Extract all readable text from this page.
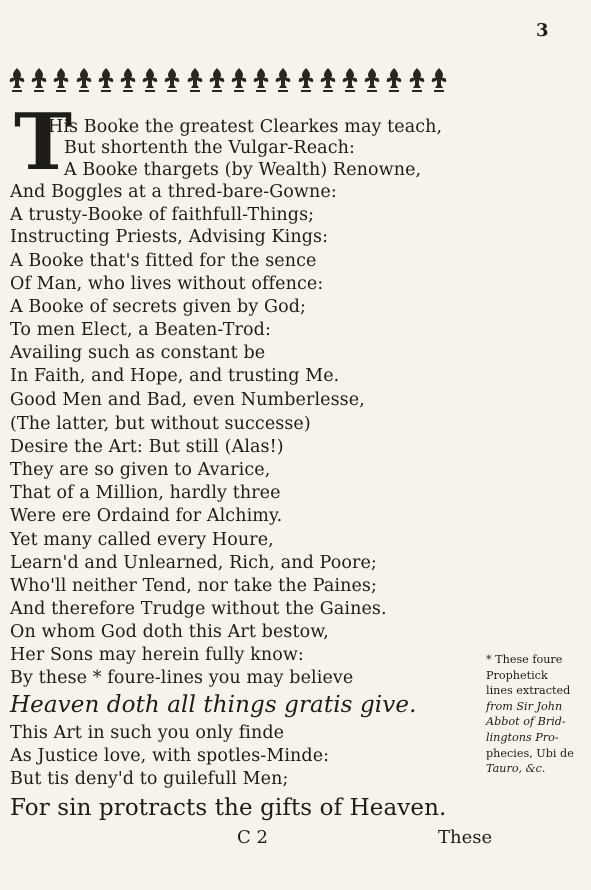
3
T
His Booke the greatest Clearkes may teach,
But shortenth the Vulgar-Reach:
A Booke thargets (by Wealth) Renowne,
And Boggles at a thred-bare-Gowne:
A trusty-Booke of faithfull-Things;
Instructing Priests, Advising Kings:
A Booke that's fitted for the sence
Of Man, who lives without offence:
A Booke of secrets given by God;
To men Elect, a Beaten-Trod:
Availing such as constant be
In Faith, and Hope, and trusting Me.
Good Men and Bad, even Numberlesse,
(The latter, but without successe)
Desire the Art: But still (Alas!)
They are so given to Avarice,
That of a Million, hardly three
Were ere Ordaind for Alchimy.
Yet many called every Houre,
Learn'd and Unlearned, Rich, and Poore;
Who'll neither Tend, nor take the Paines;
And therefore Trudge without the Gaines.
On whom God doth this Art bestow,
Her Sons may herein fully know:
By these * foure-lines you may believe
Heaven doth all things gratis give.
This Art in such you only finde
As Justice love, with spotles-Minde:
But tis deny'd to guilefull Men;
For sin protracts the gifts of Heaven.
* These foure
Prophetick
lines extracted
from Sir John
Abbot of Brid-
lingtons Pro-
phecies, Ubi de
Tauro, &c.
C 2	These
